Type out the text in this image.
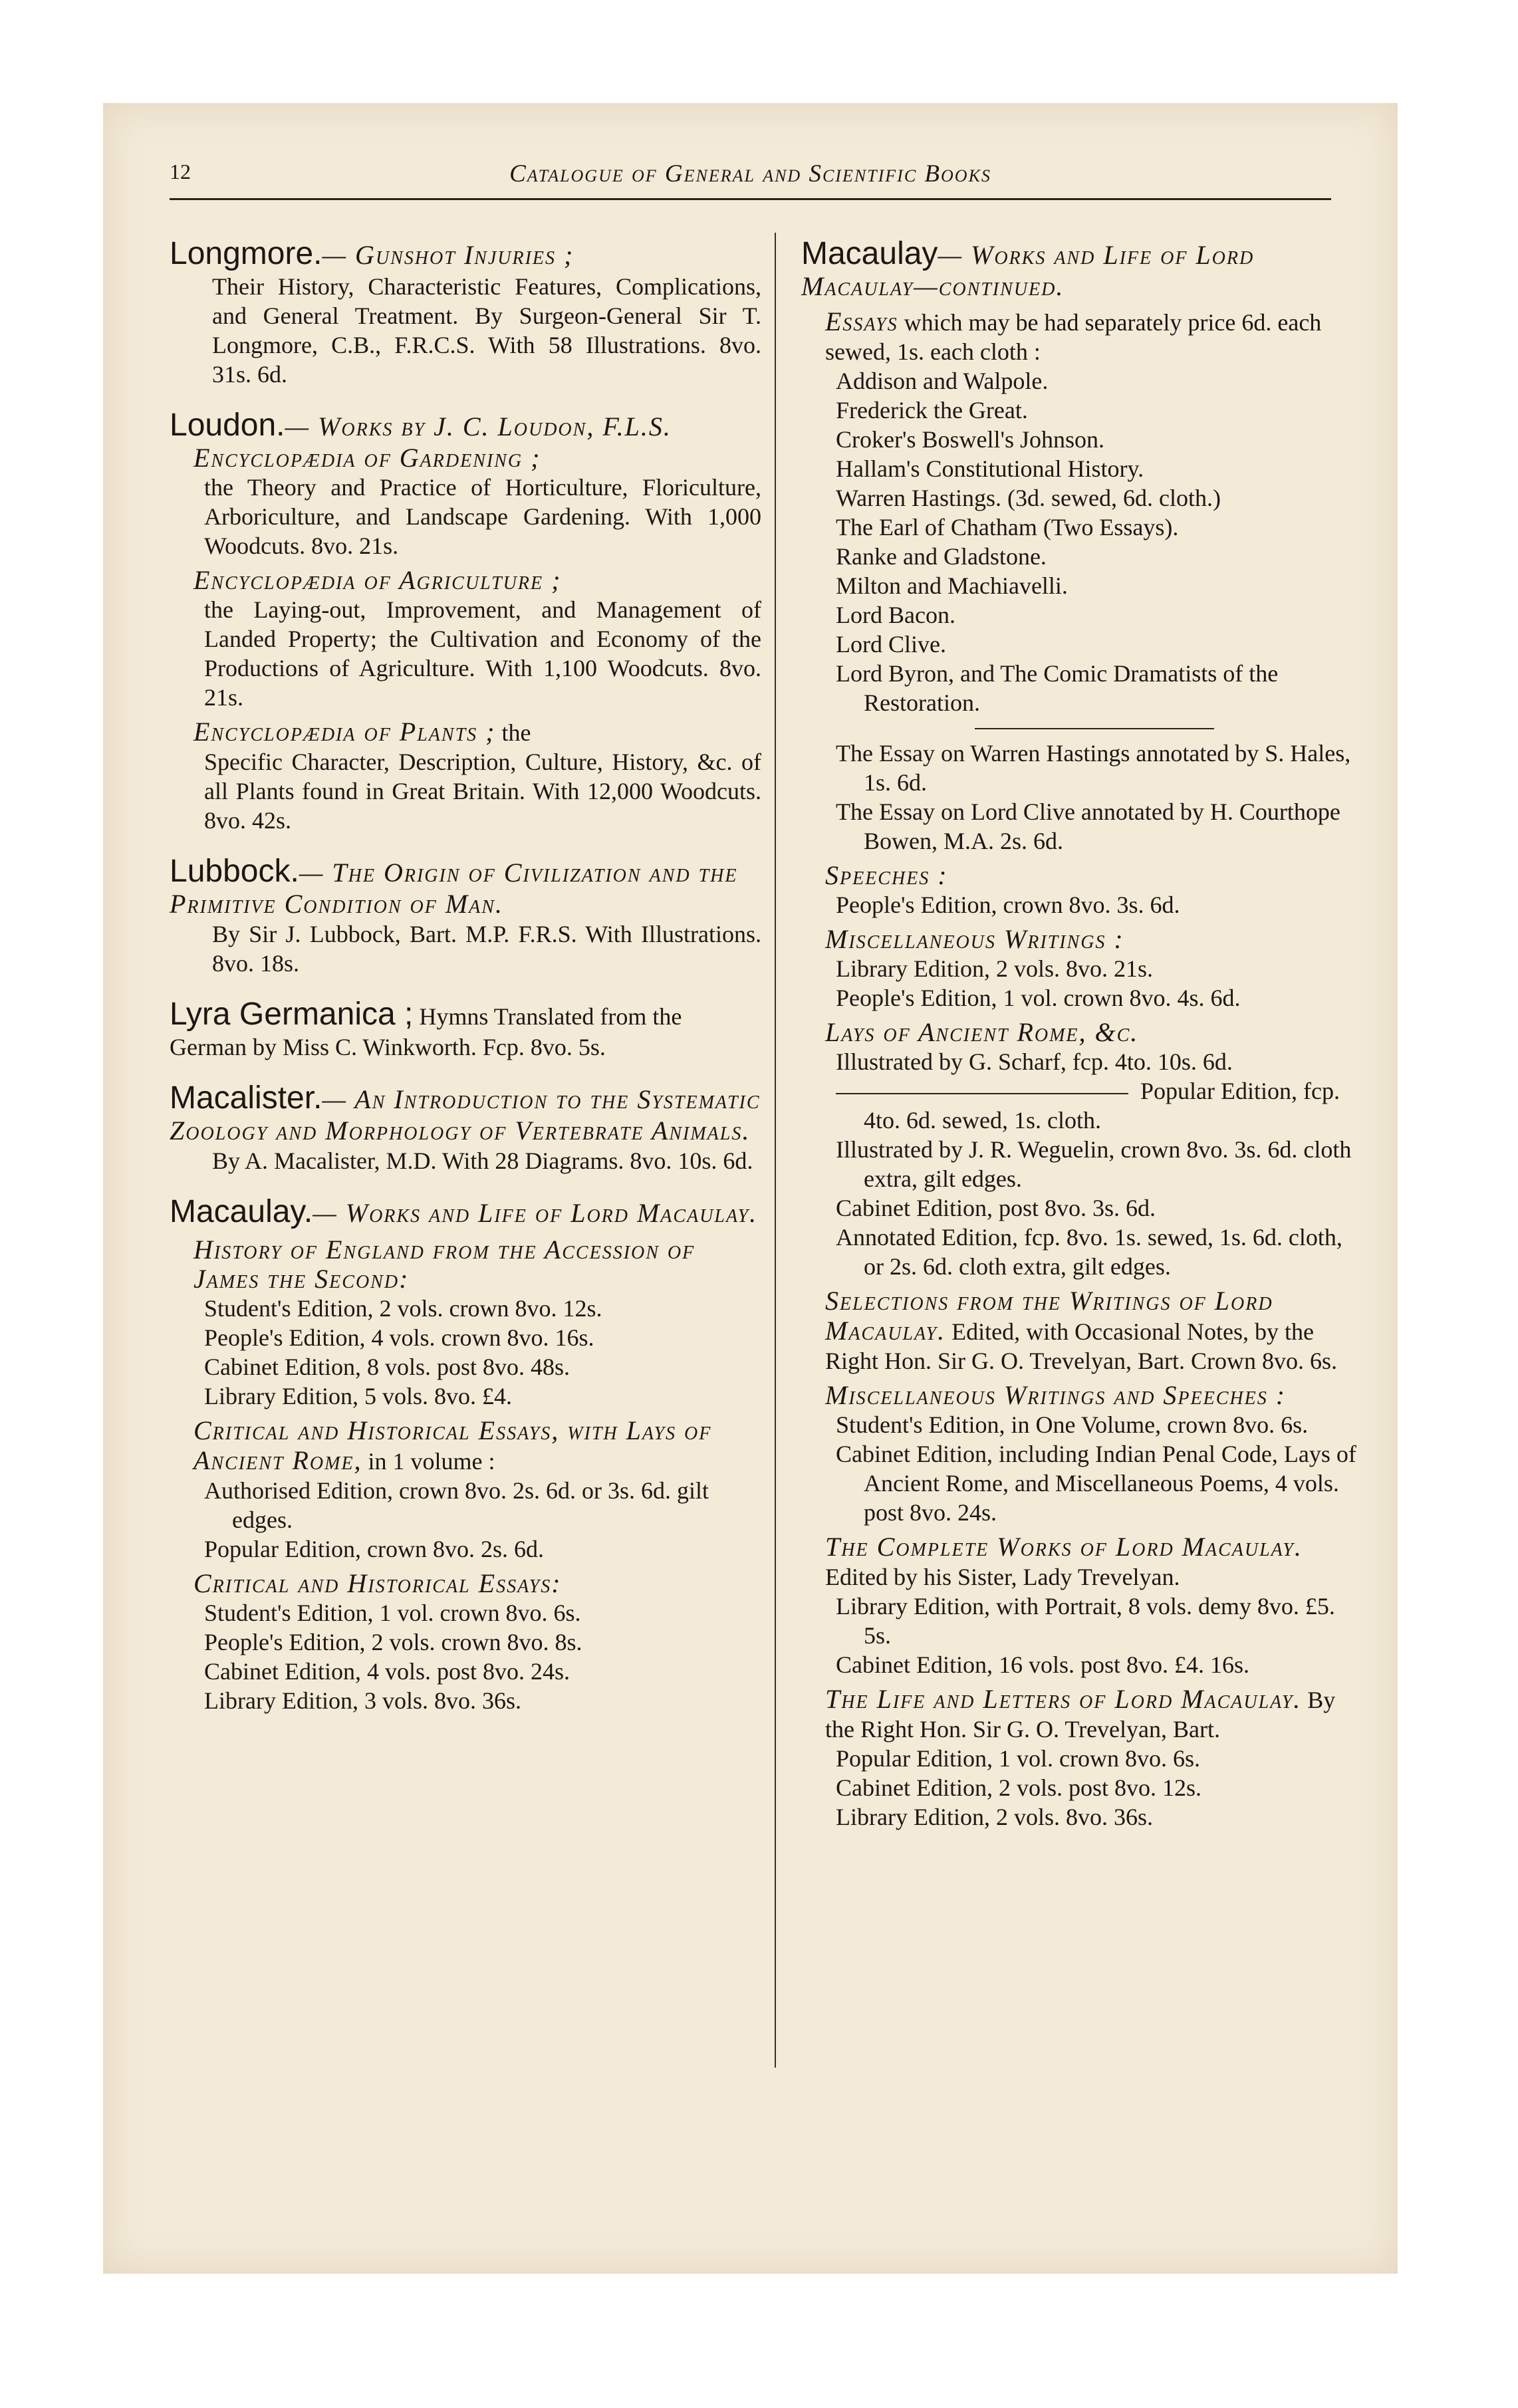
12	Catalogue of General and Scientific Books
Longmore.— Gunshot Injuries ;
Their History, Characteristic Features, Complications, and General Treatment. By Surgeon-General Sir T. Longmore, C.B., F.R.C.S. With 58 Illustrations. 8vo. 31s. 6d.
Loudon.— Works by J. C. Loudon, F.L.S.
Encyclopædia of Gardening ;
the Theory and Practice of Horticulture, Floriculture, Arboriculture, and Landscape Gardening. With 1,000 Woodcuts. 8vo. 21s.
Encyclopædia of Agriculture ;
the Laying-out, Improvement, and Management of Landed Property; the Cultivation and Economy of the Productions of Agriculture. With 1,100 Woodcuts. 8vo. 21s.
Encyclopædia of Plants ; the
Specific Character, Description, Culture, History, &c. of all Plants found in Great Britain. With 12,000 Woodcuts. 8vo. 42s.
Lubbock.— The Origin of Civilization and the Primitive Condition of Man.
By Sir J. Lubbock, Bart. M.P. F.R.S. With Illustrations. 8vo. 18s.
Lyra Germanica ; Hymns Translated from the German by Miss C. Winkworth. Fcp. 8vo. 5s.
Macalister.— An Introduction to the Systematic Zoology and Morphology of Vertebrate Animals.
By A. Macalister, M.D. With 28 Diagrams. 8vo. 10s. 6d.
Macaulay.— Works and Life of Lord Macaulay.
History of England from the Accession of James the Second:
Student's Edition, 2 vols. crown 8vo. 12s.
People's Edition, 4 vols. crown 8vo. 16s.
Cabinet Edition, 8 vols. post 8vo. 48s.
Library Edition, 5 vols. 8vo. £4.
Critical and Historical Essays, with Lays of Ancient Rome, in 1 volume :
Authorised Edition, crown 8vo. 2s. 6d. or 3s. 6d. gilt edges.
Popular Edition, crown 8vo. 2s. 6d.
Critical and Historical Essays:
Student's Edition, 1 vol. crown 8vo. 6s.
People's Edition, 2 vols. crown 8vo. 8s.
Cabinet Edition, 4 vols. post 8vo. 24s.
Library Edition, 3 vols. 8vo. 36s.
Macaulay— Works and Life of Lord Macaulay—continued.
Essays which may be had separately price 6d. each sewed, 1s. each cloth :
Addison and Walpole.
Frederick the Great.
Croker's Boswell's Johnson.
Hallam's Constitutional History.
Warren Hastings. (3d. sewed, 6d. cloth.)
The Earl of Chatham (Two Essays).
Ranke and Gladstone.
Milton and Machiavelli.
Lord Bacon.
Lord Clive.
Lord Byron, and The Comic Dramatists of the Restoration.
The Essay on Warren Hastings annotated by S. Hales, 1s. 6d.
The Essay on Lord Clive annotated by H. Courthope Bowen, M.A. 2s. 6d.
Speeches :
People's Edition, crown 8vo. 3s. 6d.
Miscellaneous Writings :
Library Edition, 2 vols. 8vo. 21s.
People's Edition, 1 vol. crown 8vo. 4s. 6d.
Lays of Ancient Rome, &c.
Illustrated by G. Scharf, fcp. 4to. 10s. 6d.
Popular Edition, fcp. 4to. 6d. sewed, 1s. cloth.
Illustrated by J. R. Weguelin, crown 8vo. 3s. 6d. cloth extra, gilt edges.
Cabinet Edition, post 8vo. 3s. 6d.
Annotated Edition, fcp. 8vo. 1s. sewed, 1s. 6d. cloth, or 2s. 6d. cloth extra, gilt edges.
Selections from the Writings of Lord Macaulay. Edited, with Occasional Notes, by the Right Hon. Sir G. O. Trevelyan, Bart. Crown 8vo. 6s.
Miscellaneous Writings and Speeches :
Student's Edition, in One Volume, crown 8vo. 6s.
Cabinet Edition, including Indian Penal Code, Lays of Ancient Rome, and Miscellaneous Poems, 4 vols. post 8vo. 24s.
The Complete Works of Lord Macaulay. Edited by his Sister, Lady Trevelyan.
Library Edition, with Portrait, 8 vols. demy 8vo. £5. 5s.
Cabinet Edition, 16 vols. post 8vo. £4. 16s.
The Life and Letters of Lord Macaulay. By the Right Hon. Sir G. O. Trevelyan, Bart.
Popular Edition, 1 vol. crown 8vo. 6s.
Cabinet Edition, 2 vols. post 8vo. 12s.
Library Edition, 2 vols. 8vo. 36s.
